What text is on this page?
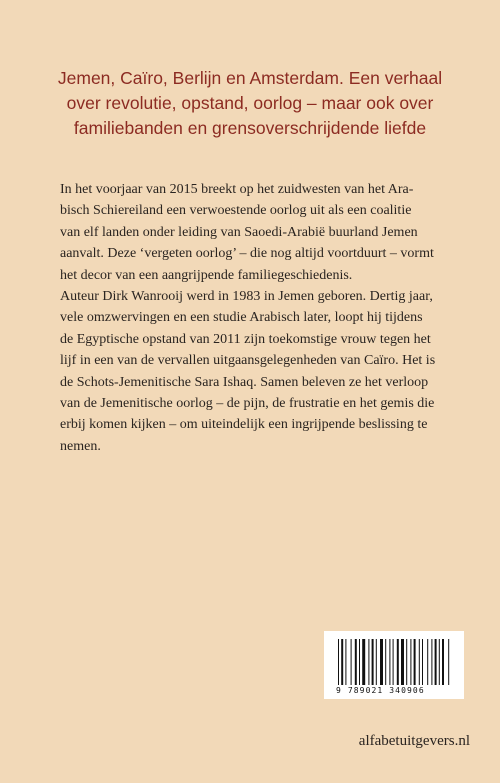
Jemen, Caïro, Berlijn en Amsterdam. Een verhaal
over revolutie, opstand, oorlog – maar ook over
familiebanden en grensoverschrijdende liefde
In het voorjaar van 2015 breekt op het zuidwesten van het Ara-
bisch Schiereiland een verwoestende oorlog uit als een coalitie
van elf landen onder leiding van Saoedi-Arabië buurland Jemen
aanvalt. Deze ‘vergeten oorlog’ – die nog altijd voortduurt – vormt
het decor van een aangrijpende familiegeschiedenis.
Auteur Dirk Wanrooij werd in 1983 in Jemen geboren. Dertig jaar,
vele omzwervingen en een studie Arabisch later, loopt hij tijdens
de Egyptische opstand van 2011 zijn toekomstige vrouw tegen het
lijf in een van de vervallen uitgaansgelegenheden van Caïro. Het is
de Schots-Jemenitische Sara Ishaq. Samen beleven ze het verloop
van de Jemenitische oorlog – de pijn, de frustratie en het gemis die
erbij komen kijken – om uiteindelijk een ingrijpende beslissing te
nemen.
9 789021 340906

alfabetuitgevers.nl
